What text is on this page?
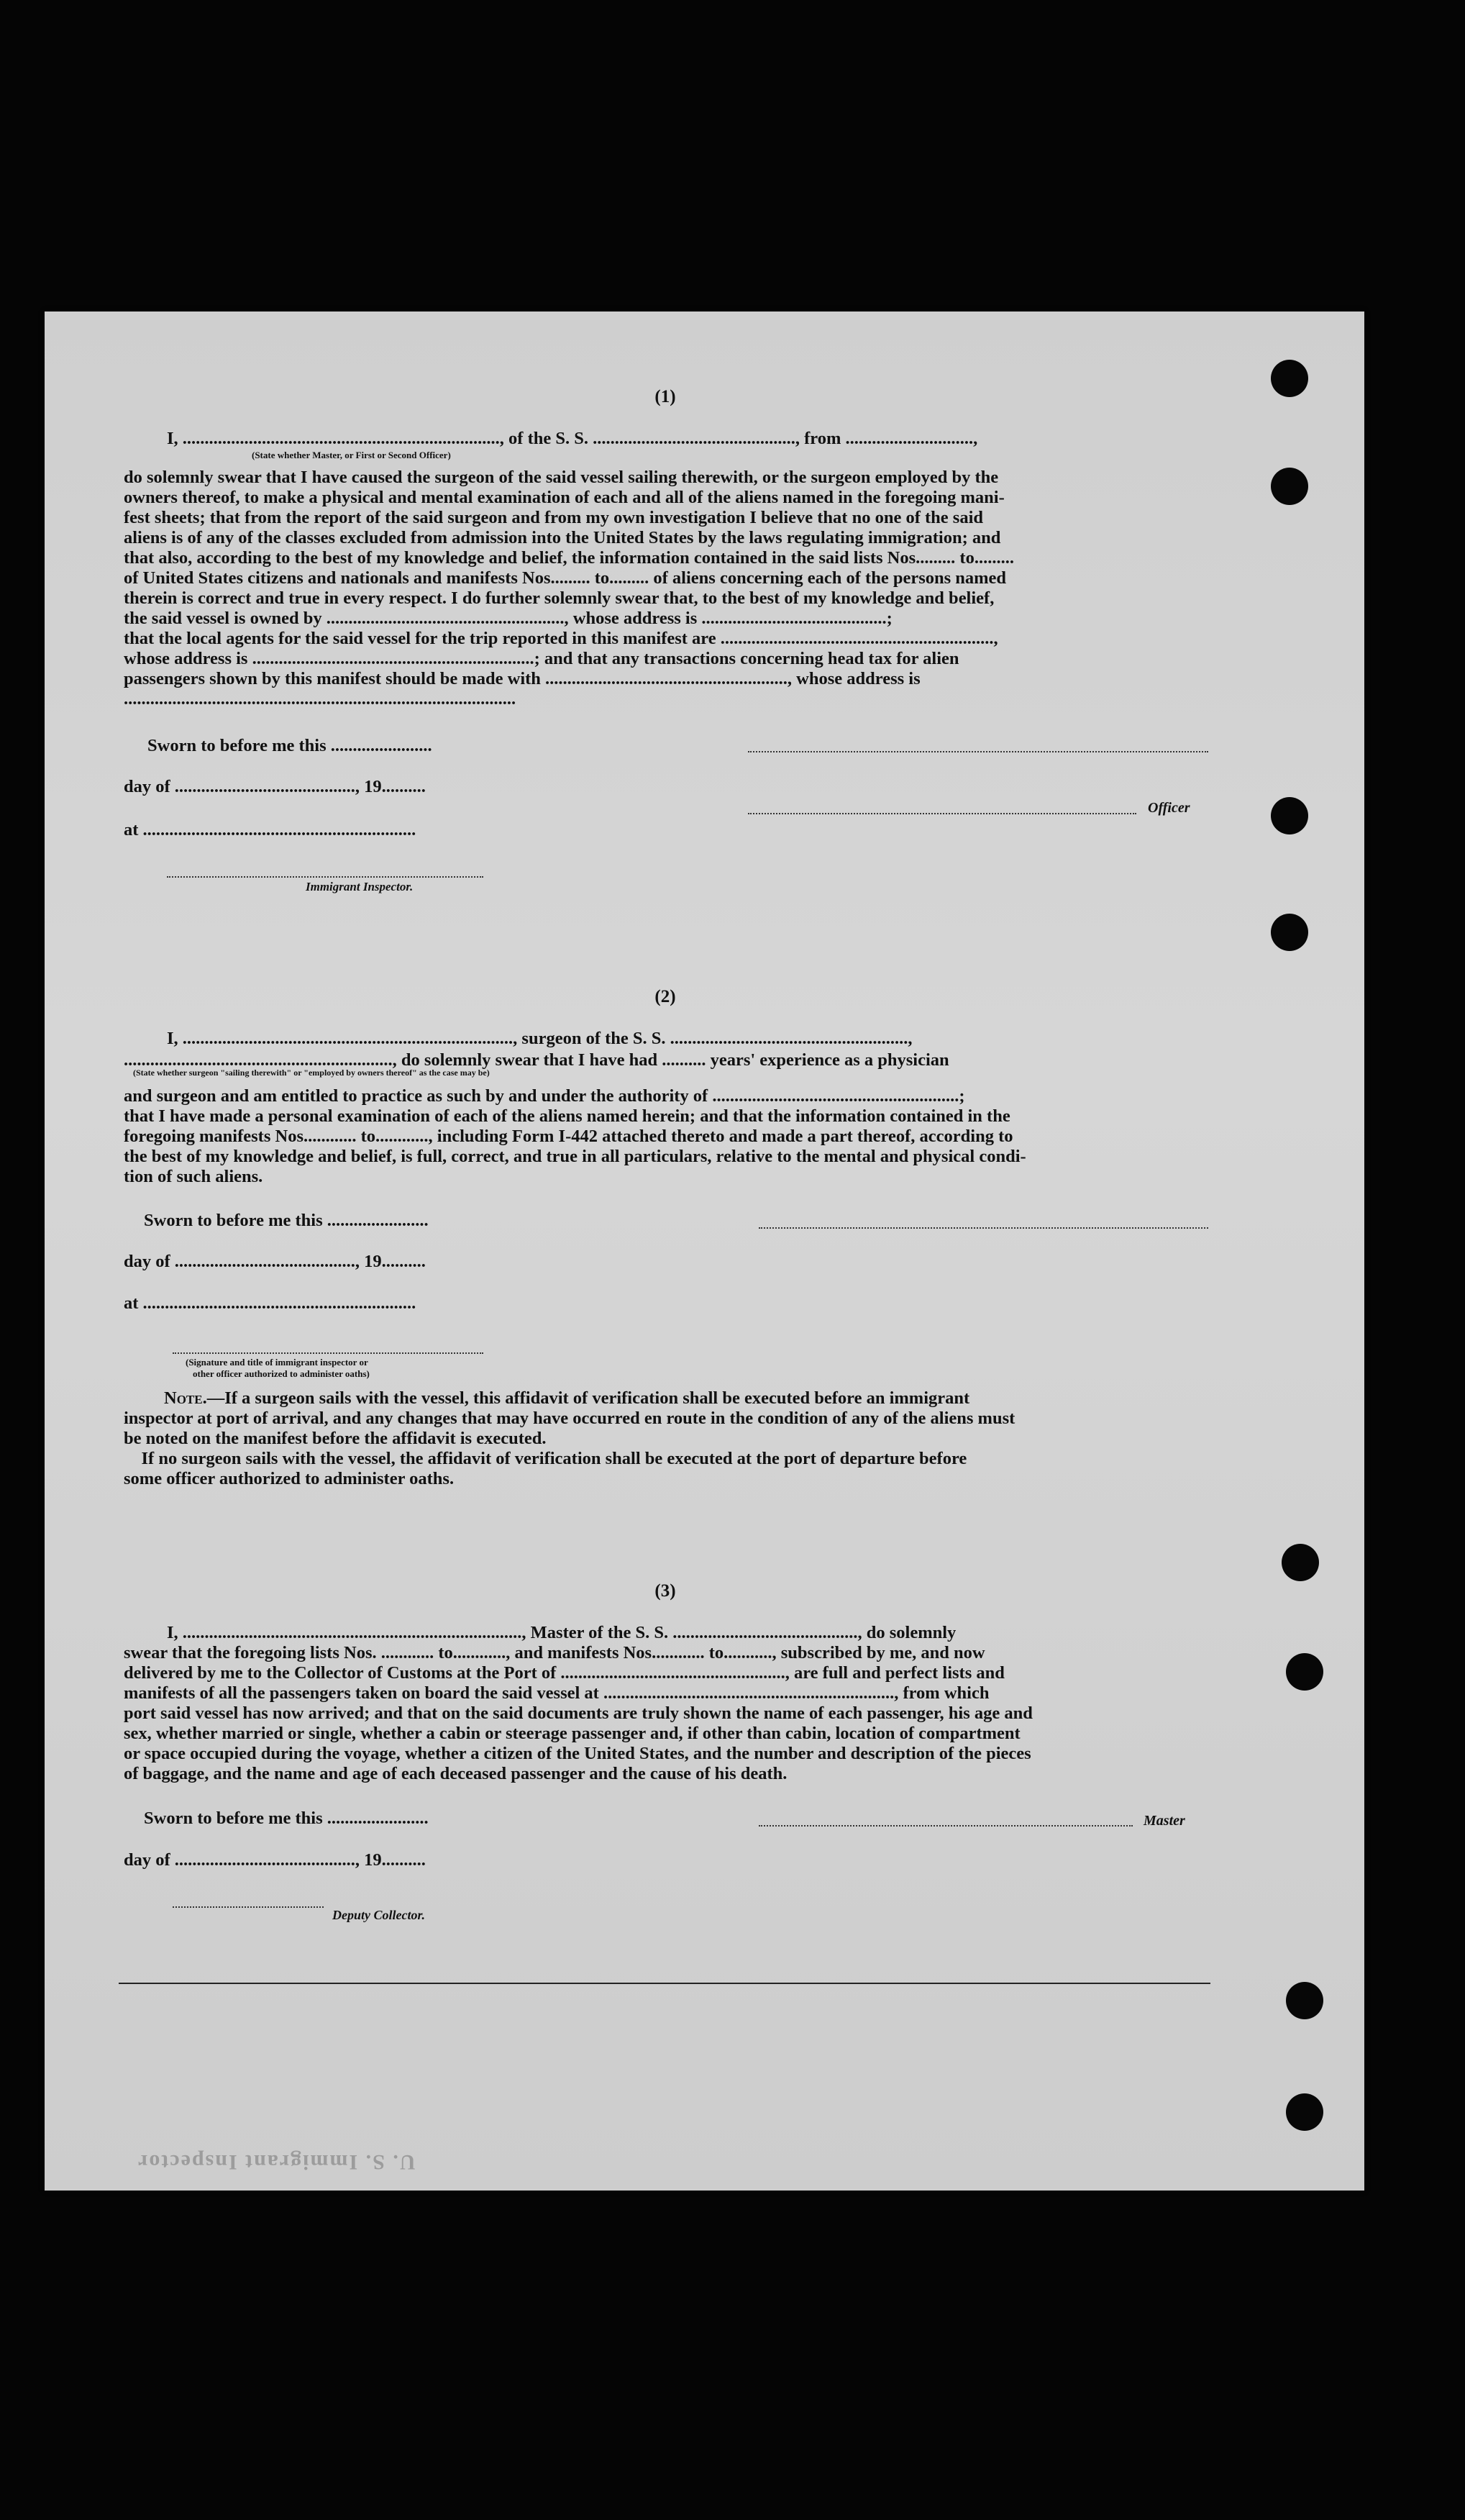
(1)
I, ........................................................................, of the S. S. .............................................., from .............................,
(State whether Master, or First or Second Officer)
do solemnly swear that I have caused the surgeon of the said vessel sailing therewith, or the surgeon employed by the
owners thereof, to make a physical and mental examination of each and all of the aliens named in the foregoing mani-
fest sheets; that from the report of the said surgeon and from my own investigation I believe that no one of the said
aliens is of any of the classes excluded from admission into the United States by the laws regulating immigration; and
that also, according to the best of my knowledge and belief, the information contained in the said lists Nos......... to.........
of United States citizens and nationals and manifests Nos......... to......... of aliens concerning each of the persons named
therein is correct and true in every respect. I do further solemnly swear that, to the best of my knowledge and belief,
the said vessel is owned by ......................................................, whose address is ..........................................;
that the local agents for the said vessel for the trip reported in this manifest are ..............................................................,
whose address is ................................................................; and that any transactions concerning head tax for alien
passengers shown by this manifest should be made with ......................................................., whose address is
.........................................................................................
Sworn to before me this .......................
day of ........................................., 19..........
Officer
at ..............................................................
Immigrant Inspector.
(2)
I, ..........................................................................., surgeon of the S. S. ......................................................,
............................................................., do solemnly swear that I have had .......... years' experience as a physician
(State whether surgeon "sailing therewith" or "employed by owners thereof" as the case may be)
and surgeon and am entitled to practice as such by and under the authority of ........................................................;
that I have made a personal examination of each of the aliens named herein; and that the information contained in the
foregoing manifests Nos............ to............, including Form I-442 attached thereto and made a part thereof, according to
the best of my knowledge and belief, is full, correct, and true in all particulars, relative to the mental and physical condi-
tion of such aliens.
Sworn to before me this .......................
day of ........................................., 19..........
at ..............................................................
(Signature and title of immigrant inspector or
other officer authorized to administer oaths)
Note.—If a surgeon sails with the vessel, this affidavit of verification shall be executed before an immigrant
inspector at port of arrival, and any changes that may have occurred en route in the condition of any of the aliens must
be noted on the manifest before the affidavit is executed.
If no surgeon sails with the vessel, the affidavit of verification shall be executed at the port of departure before
some officer authorized to administer oaths.
(3)
I, ............................................................................., Master of the S. S. .........................................., do solemnly
swear that the foregoing lists Nos. ............ to............, and manifests Nos............ to..........., subscribed by me, and now
delivered by me to the Collector of Customs at the Port of ..................................................., are full and perfect lists and
manifests of all the passengers taken on board the said vessel at .................................................................., from which
port said vessel has now arrived; and that on the said documents are truly shown the name of each passenger, his age and
sex, whether married or single, whether a cabin or steerage passenger and, if other than cabin, location of compartment
or space occupied during the voyage, whether a citizen of the United States, and the number and description of the pieces
of baggage, and the name and age of each deceased passenger and the cause of his death.
Sworn to before me this .......................	Master
day of ........................................., 19..........
Deputy Collector.
U. S. Immigrant Inspector
